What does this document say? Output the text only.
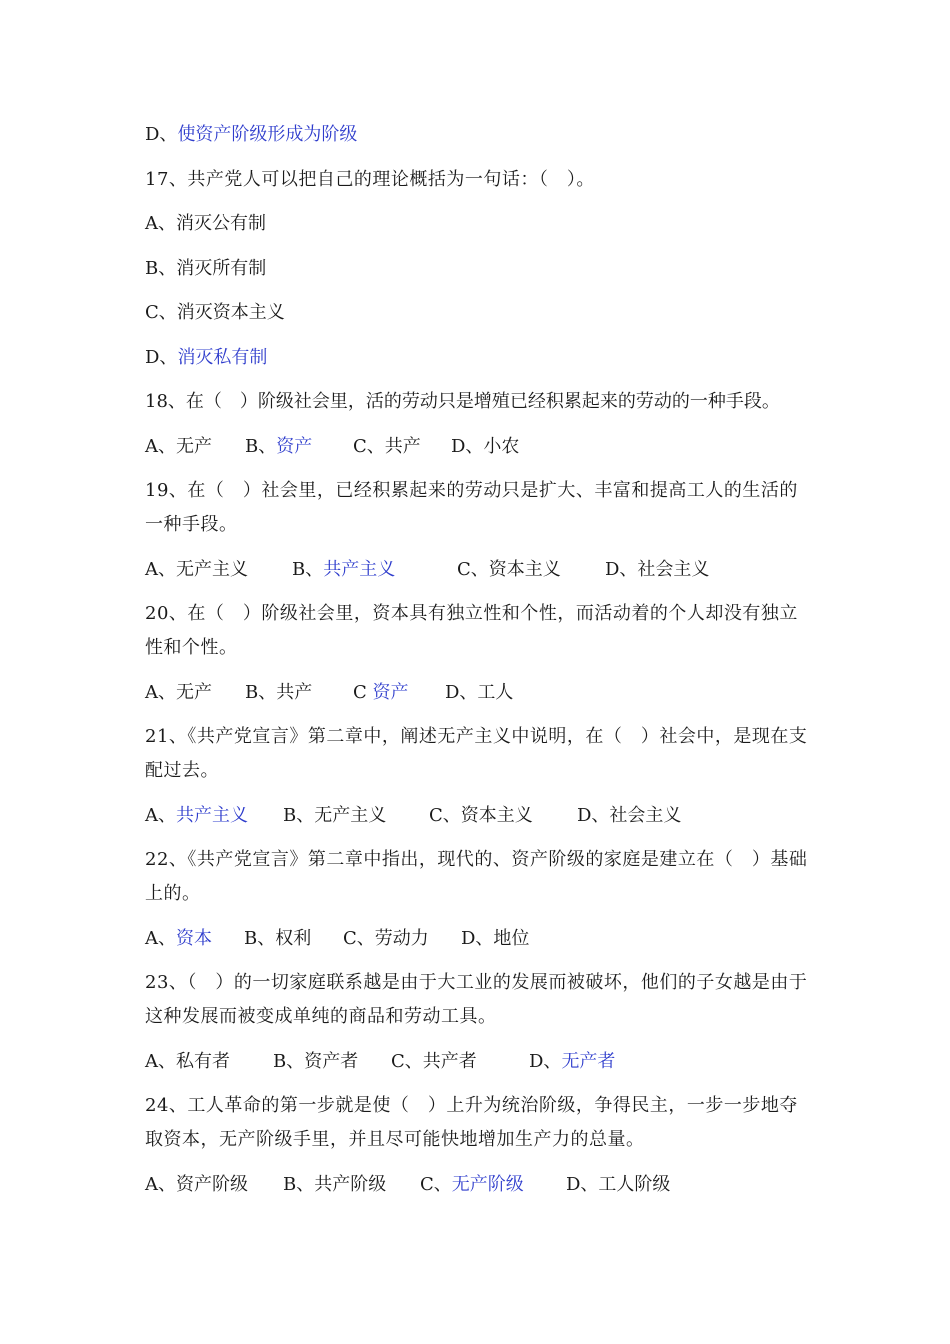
D、使资产阶级形成为阶级
17、共产党人可以把自己的理论概括为一句话：（　）。
A、消灭公有制
B、消灭所有制
C、消灭资本主义
D、消灭私有制
18、在（　）阶级社会里，活的劳动只是增殖已经积累起来的劳动的一种手段。
A、无产 B、资产 C、共产 D、小农
19、在（　）社会里，已经积累起来的劳动只是扩大、丰富和提高工人的生活的一种手段。
A、无产主义 B、共产主义	C、资本主义 D、社会主义
20、在（　）阶级社会里，资本具有独立性和个性，而活动着的个人却没有独立性和个性。
A、无产 B、共产 C 资产 D、工人
21、《共产党宣言》第二章中，阐述无产主义中说明，在（　）社会中，是现在支配过去。
A、共产主义 B、无产主义 C、资本主义 D、社会主义
22、《共产党宣言》第二章中指出，现代的、资产阶级的家庭是建立在（　）基础上的。
A、资本 B、权利 C、劳动力 D、地位
23、（　）的一切家庭联系越是由于大工业的发展而被破坏，他们的子女越是由于这种发展而被变成单纯的商品和劳动工具。
A、私有者 B、资产者 C、共产者	D、无产者
24、工人革命的第一步就是使（　）上升为统治阶级，争得民主，一步一步地夺取资本，无产阶级手里，并且尽可能快地增加生产力的总量。
A、资产阶级 B、共产阶级 C、无产阶级 D、工人阶级
